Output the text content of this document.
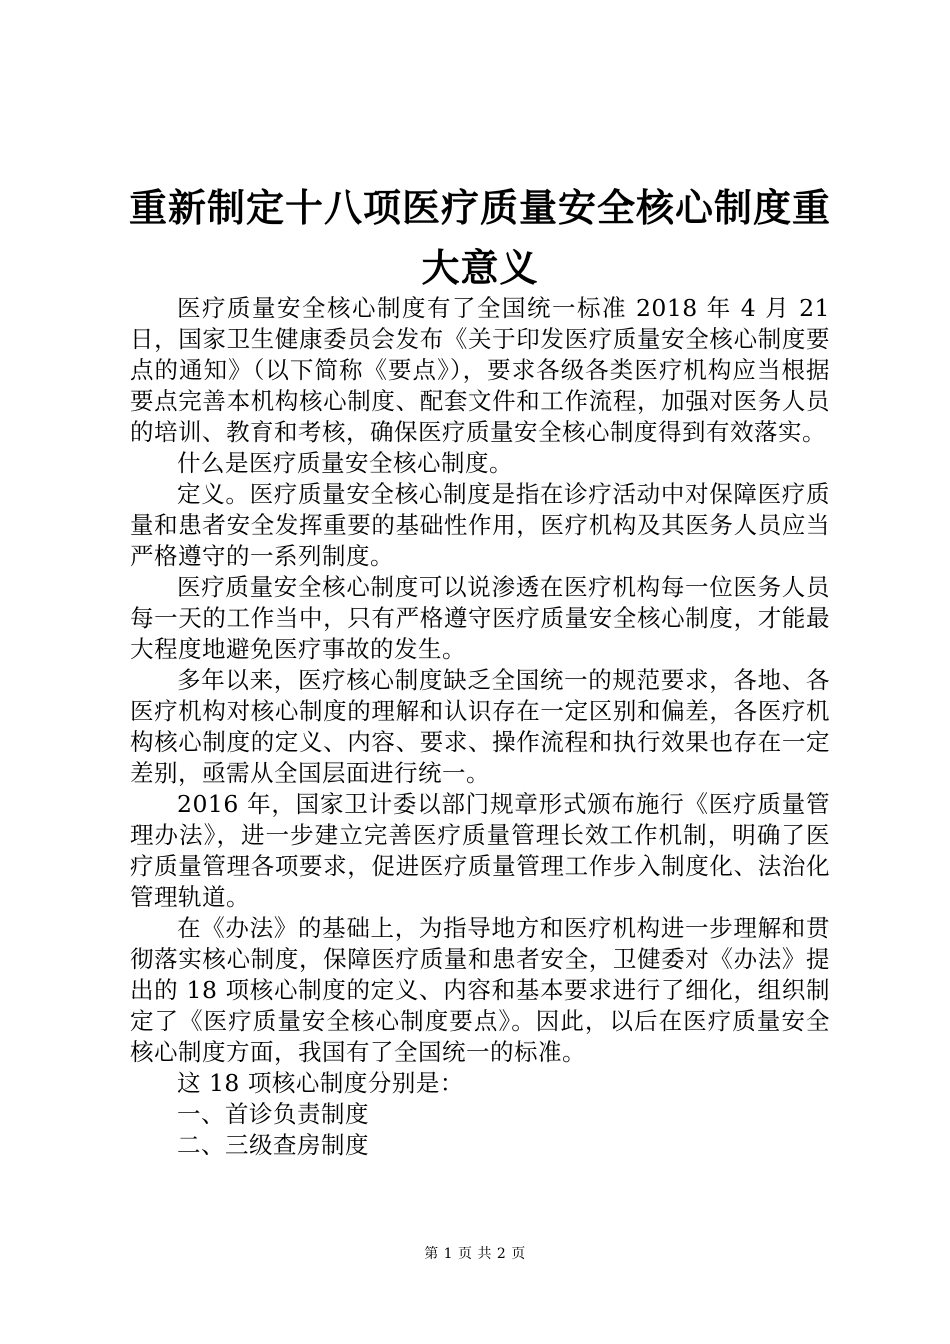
重新制定十八项医疗质量安全核心制度重大意义

医疗质量安全核心制度有了全国统一标准 2018 年 4 月 21 日，国家卫生健康委员会发布《关于印发医疗质量安全核心制度要点的通知》（以下简称《要点》），要求各级各类医疗机构应当根据要点完善本机构核心制度、配套文件和工作流程，加强对医务人员的培训、教育和考核，确保医疗质量安全核心制度得到有效落实。

什么是医疗质量安全核心制度。

定义。医疗质量安全核心制度是指在诊疗活动中对保障医疗质量和患者安全发挥重要的基础性作用，医疗机构及其医务人员应当严格遵守的一系列制度。

医疗质量安全核心制度可以说渗透在医疗机构每一位医务人员每一天的工作当中，只有严格遵守医疗质量安全核心制度，才能最大程度地避免医疗事故的发生。

多年以来，医疗核心制度缺乏全国统一的规范要求，各地、各医疗机构对核心制度的理解和认识存在一定区别和偏差，各医疗机构核心制度的定义、内容、要求、操作流程和执行效果也存在一定差别，亟需从全国层面进行统一。

2016 年，国家卫计委以部门规章形式颁布施行《医疗质量管理办法》，进一步建立完善医疗质量管理长效工作机制，明确了医疗质量管理各项要求，促进医疗质量管理工作步入制度化、法治化管理轨道。

在《办法》的基础上，为指导地方和医疗机构进一步理解和贯彻落实核心制度，保障医疗质量和患者安全，卫健委对《办法》提出的 18 项核心制度的定义、内容和基本要求进行了细化，组织制定了《医疗质量安全核心制度要点》。因此，以后在医疗质量安全核心制度方面，我国有了全国统一的标准。

这 18 项核心制度分别是：

一、首诊负责制度

二、三级查房制度

第 1 页 共 2 页
